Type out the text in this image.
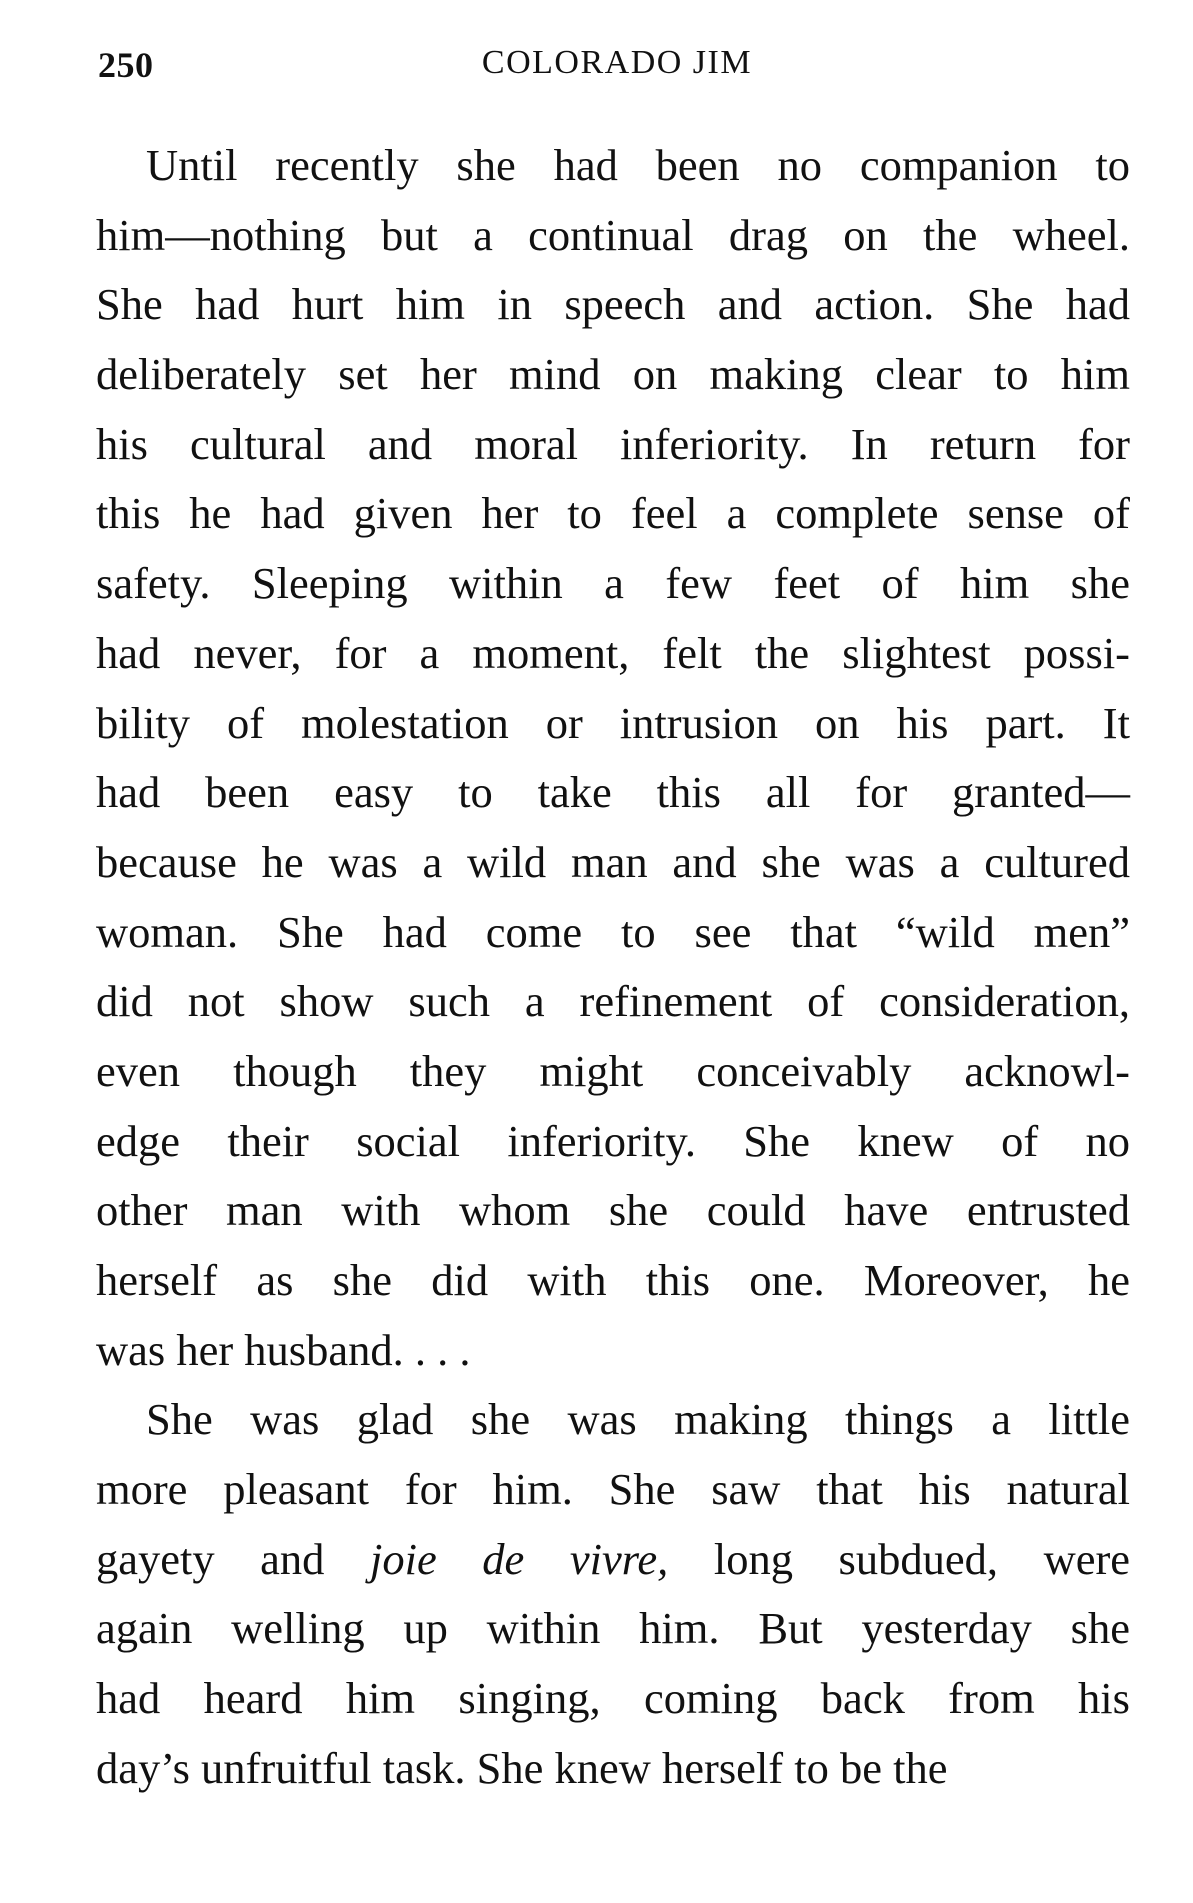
250	COLORADO JIM
Until recently she had been no companion to
him—nothing but a continual drag on the wheel.
She had hurt him in speech and action. She had
deliberately set her mind on making clear to him
his cultural and moral inferiority. In return for
this he had given her to feel a complete sense of
safety. Sleeping within a few feet of him she
had never, for a moment, felt the slightest possi-
bility of molestation or intrusion on his part. It
had been easy to take this all for granted—
because he was a wild man and she was a cultured
woman. She had come to see that “wild men”
did not show such a refinement of consideration,
even though they might conceivably acknowl-
edge their social inferiority. She knew of no
other man with whom she could have entrusted
herself as she did with this one. Moreover, he
was her husband. . . .
She was glad she was making things a little
more pleasant for him. She saw that his natural
gayety and joie de vivre, long subdued, were
again welling up within him. But yesterday she
had heard him singing, coming back from his
day’s unfruitful task. She knew herself to be the
